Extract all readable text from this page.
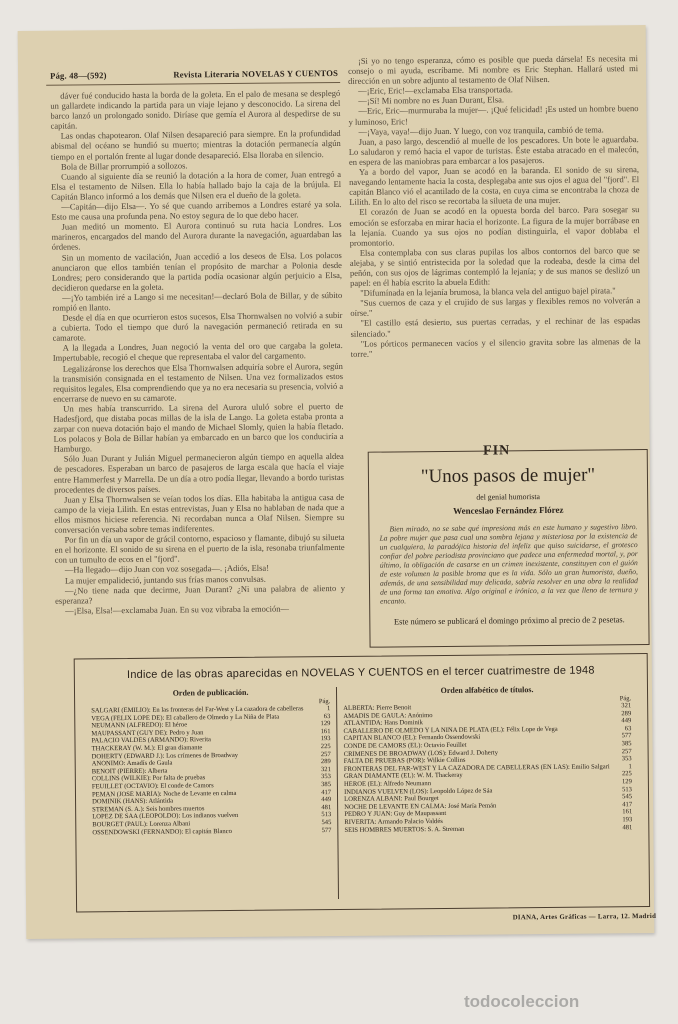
Pág. 48—(592)	Revista Literaria NOVELAS Y CUENTOS

dáver fué conducido hasta la borda de la goleta. En el palo de mesana se desplegó un gallardete indicando la partida para un viaje lejano y desconocido. La sirena del barco lanzó un prolongado sonido. Diríase que gemía el Aurora al despedirse de su capitán.

Las ondas chapotearon. Olaf Nilsen desapareció para siempre. En la profundidad abismal del océano se hundió su muerto; mientras la dotación permanecía algún tiempo en el portalón frente al lugar donde desapareció. Elsa lloraba en silencio.

Bola de Billar prorrumpió a sollozos.

Cuando al siguiente día se reunió la dotación a la hora de comer, Juan entregó a Elsa el testamento de Nilsen. Ella lo había hallado bajo la caja de la brújula. El Capitán Blanco informó a los demás que Nilsen era el dueño de la goleta.

—Capitán—dijo Elsa—. Yo sé que cuando arribemos a Londres estaré ya sola. Esto me causa una profunda pena. No estoy segura de lo que debo hacer.

Juan meditó un momento. El Aurora continuó su ruta hacia Londres. Los marineros, encargados del mando del Aurora durante la navegación, aguardaban las órdenes.

Sin un momento de vacilación, Juan accedió a los deseos de Elsa. Los polacos anunciaron que ellos también tenían el propósito de marchar a Polonia desde Londres; pero considerando que la partida podía ocasionar algún perjuicio a Elsa, decidieron quedarse en la goleta.

—¡Yo también iré a Lango si me necesitan!—declaró Bola de Billar, y de súbito rompió en llanto.

Desde el día en que ocurrieron estos sucesos, Elsa Thornwalsen no volvió a subir a cubierta. Todo el tiempo que duró la navegación permaneció retirada en su camarote.

A la llegada a Londres, Juan negoció la venta del oro que cargaba la goleta. Impertubable, recogió el cheque que representaba el valor del cargamento.

Legalizáronse los derechos que Elsa Thornwalsen adquiría sobre el Aurora, según la transmisión consignada en el testamento de Nilsen. Una vez formalizados estos requisitos legales, Elsa comprendiendo que ya no era necesaria su presencia, volvió a encerrarse de nuevo en su camarote.

Un mes había transcurrido. La sirena del Aurora ululó sobre el puerto de Hadesfjord, que distaba pocas millas de la isla de Lango. La goleta estaba pronta a zarpar con nueva dotación bajo el mando de Michael Slomly, quien la había fletado. Los polacos y Bola de Billar habían ya embarcado en un barco que los conduciría a Hamburgo.

Sólo Juan Durant y Julián Miguel permanecieron algún tiempo en aquella aldea de pescadores. Esperaban un barco de pasajeros de larga escala que hacía el viaje entre Hammerfest y Marrella. De un día a otro podía llegar, llevando a bordo turistas procedentes de diversos países.

Juan y Elsa Thornwalsen se veían todos los días. Ella habitaba la antigua casa de campo de la vieja Lilith. En estas entrevistas, Juan y Elsa no hablaban de nada que a ellos mismos hiciese referencia. Ni recordaban nunca a Olaf Nilsen. Siempre su conversación versaba sobre temas indiferentes.

Por fin un día un vapor de grácil contorno, espacioso y flamante, dibujó su silueta en el horizonte. El sonido de su sirena en el puerto de la isla, resonaba triunfalmente con un tumulto de ecos en el "fjord".

—Ha llegado—dijo Juan con voz sosegada—. ¡Adiós, Elsa!

La mujer empalideció, juntando sus frías manos convulsas.

—¿No tiene nada que decirme, Juan Durant? ¿Ni una palabra de aliento y esperanza?

—¡Elsa, Elsa!—exclamaba Juan. En su voz vibraba la emoción—

¡Si yo no tengo esperanza, cómo es posible que pueda dársela! Es necesita mi consejo o mi ayuda, escríbame. Mi nombre es Eric Stephan. Hallará usted mi dirección en un sobre adjunto al testamento de Olaf Nilsen.

—¡Eric, Eric!—exclamaba Elsa transportada.

—¡Sí! Mi nombre no es Juan Durant, Elsa.

—Eric, Eric—murmuraba la mujer—. ¡Qué felicidad! ¡Es usted un hombre bueno y luminoso, Eric!

—¡Vaya, vaya!—dijo Juan. Y luego, con voz tranquila, cambió de tema.

Juan, a paso largo, descendió al muelle de los pescadores. Un bote le aguardaba. Lo saludaron y remó hacia el vapor de turistas. Éste estaba atracado en el malecón, en espera de las maniobras para embarcar a los pasajeros.

Ya a bordo del vapor, Juan se acodó en la baranda. El sonido de su sirena, navegando lentamente hacia la costa, desplegaba ante sus ojos el agua del "fjord". El capitán Blanco vió el acantilado de la costa, en cuya cima se encontraba la choza de Lilith. En lo alto del risco se recortaba la silueta de una mujer.

El corazón de Juan se acodó en la opuesta borda del barco. Para sosegar su emoción se esforzaba en mirar hacia el horizonte. La figura de la mujer borrábase en la lejanía. Cuando ya sus ojos no podían distinguirla, el vapor doblaba el promontorio.

Elsa contemplaba con sus claras pupilas los albos contornos del barco que se alejaba, y se sintió entristecida por la soledad que la rodeaba, desde la cima del peñón, con sus ojos de lágrimas contempló la lejanía; y de sus manos se deslizó un papel: en él había escrito la abuela Edith:

"Difumínada en la lejanía brumosa, la blanca vela del antiguo bajel pirata."

"Sus cuernos de caza y el crujido de sus largas y flexibles remos no volverán a oírse."

"El castillo está desierto, sus puertas cerradas, y el rechinar de las espadas silenciado."

"Los pórticos permanecen vacíos y el silencio gravita sobre las almenas de la torre."

FIN
"Unos pasos de mujer"
del genial humorista
Wenceslao Fernández Flórez
Bien mirado, no se sabe qué impresiona más en este humano y sugestivo libro. La pobre mujer que pasa cual una sombra lejana y misteriosa por la existencia de un cualquiera, la paradójica historia del infeliz que quiso suicidarse, el grotesco confiar del pobre periodista provinciano que padece una enfermedad mortal, y, por último, la obligación de casarse en un crimen inexistente, constituyen con el guión de este volumen la posible broma que es la vida. Sólo un gran humorista, dueño, además, de una sensibilidad muy delicada, sabría resolver en una obra la realidad de una forma tan emotiva. Algo original e irónico, a la vez que lleno de ternura y encanto.
Este número se publicará el domingo próximo al precio de 2 pesetas.
Indice de las obras aparecidas en NOVELAS Y CUENTOS en el tercer cuatrimestre de 1948
Orden de publicación.
Pág.
SALGARI (EMILIO): En las fronteras del Far-West y La cazadora de cabelleras	1
VEGA (FÉLIX LOPE DE): El caballero de Olmedo y La Niña de Plata	63
NEUMANN (ALFREDO): El héroe	129
MAUPASSANT (GUY DE): Pedro y Juan	161
PALACIO VALDÉS (ARMANDO): Riverita	193
THACKERAY (W. M.): El gran diamante	225
DOHERTY (EDWARD J.): Los crímenes de Broadway	257
ANÓNIMO: Amadís de Gaula	289
BENOIT (PIERRE): Alberta	321
COLLINS (WILKIE): Por falta de pruebas	353
FEUILLET (OCTAVIO): El conde de Camors	385
PEMÁN (JOSÉ MARÍA): Noche de Levante en calma	417
DOMINIK (HANS): Atlántida	449
STREMAN (S. A.): Seis hombres muertos	481
LÓPEZ DE SÁA (LEOPOLDO): Los indianos vuelven	513
BOURGET (PAUL): Lorenza Albani	545
OSSENDOWSKI (FERNANDO): El capitán Blanco	577
Orden alfabético de títulos.
Pág.
ALBERTA: Pierre Benoit	321
AMADÍS DE GAULA: Anónimo	289
ATLÁNTIDA: Hans Dominik	449
CABALLERO DE OLMEDO Y LA NIÑA DE PLATA (EL): Félix Lope de Vega	63
CAPITÁN BLANCO (EL): Fernando Ossendowski	577
CONDE DE CAMORS (EL): Octavio Feuillet	385
CRÍMENES DE BROADWAY (LOS): Edward J. Doherty	257
FALTA DE PRUEBAS (POR): Wilkie Collins	353
FRONTERAS DEL FAR-WEST Y LA CAZADORA DE CABELLERAS (EN LAS): Emilio Salgari	1
GRAN DIAMANTE (EL): W. M. Thackeray	225
HÉROE (EL): Alfredo Neumann	129
INDIANOS VUELVEN (LOS): Leopoldo López de Sáa	513
LORENZA ALBANI: Paul Bourget	545
NOCHE DE LEVANTE EN CALMA: José María Pemán	417
PEDRO Y JUAN: Guy de Maupassant	161
RIVERITA: Armando Palacio Valdés	193
SEIS HOMBRES MUERTOS: S. A. Streman	481
DIANA, Artes Gráficas — Larra, 12. Madrid
todocoleccion
